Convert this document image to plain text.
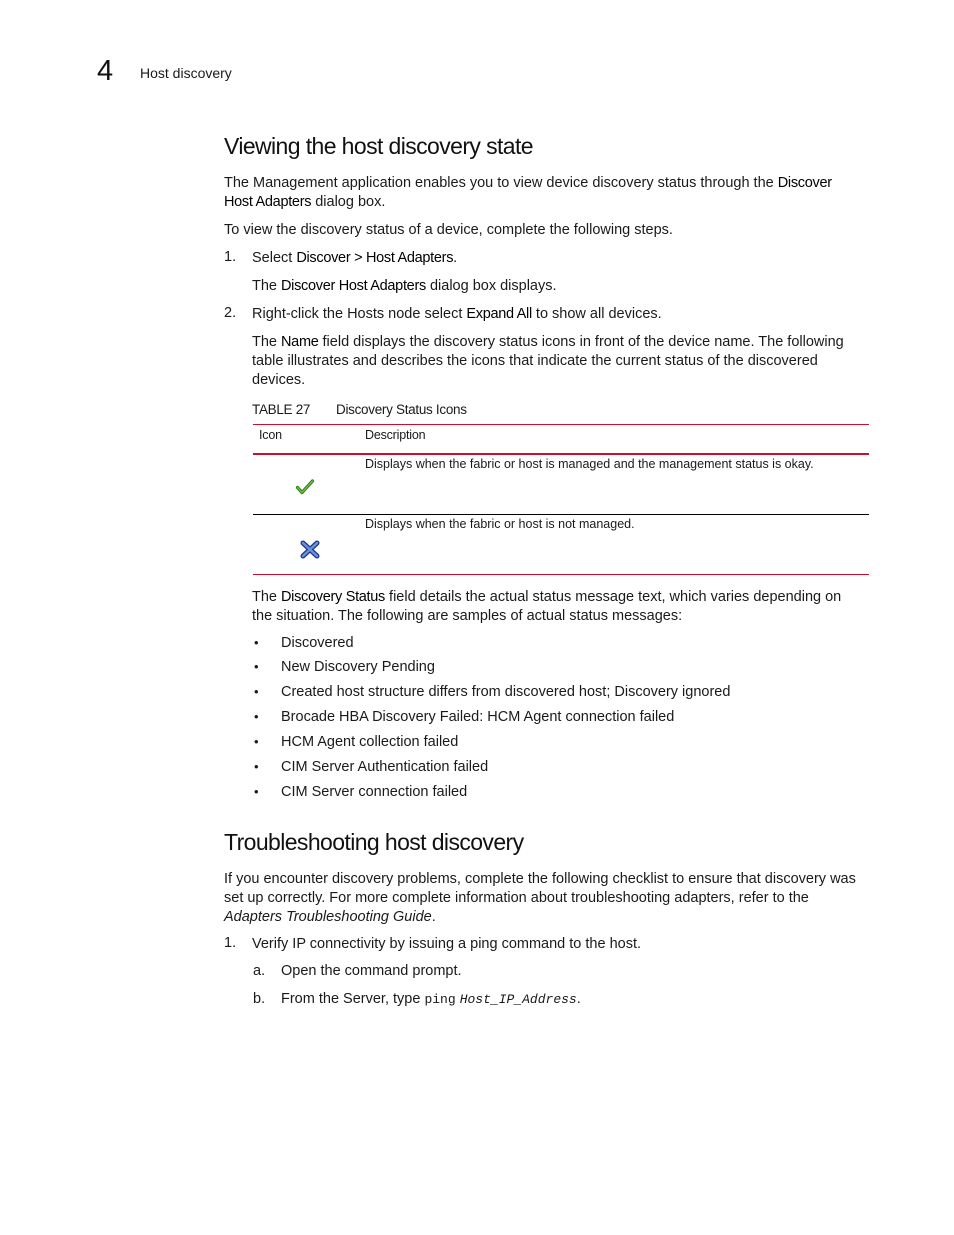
4 Host discovery
Viewing the host discovery state
The Management application enables you to view device discovery status through the Discover
Host Adapters dialog box.
To view the discovery status of a device, complete the following steps.
1. Select Discover > Host Adapters.
The Discover Host Adapters dialog box displays.
2. Right-click the Hosts node select Expand All to show all devices.
The Name field displays the discovery status icons in front of the device name. The following
table illustrates and describes the icons that indicate the current status of the discovered
devices.
TABLE 27 Discovery Status Icons
Icon	Description
Displays when the fabric or host is managed and the management status is okay.
Displays when the fabric or host is not managed.
The Discovery Status field details the actual status message text, which varies depending on
the situation. The following are samples of actual status messages:
• Discovered
• New Discovery Pending
• Created host structure differs from discovered host; Discovery ignored
• Brocade HBA Discovery Failed: HCM Agent connection failed
• HCM Agent collection failed
• CIM Server Authentication failed
• CIM Server connection failed
Troubleshooting host discovery
If you encounter discovery problems, complete the following checklist to ensure that discovery was
set up correctly. For more complete information about troubleshooting adapters, refer to the
Adapters Troubleshooting Guide.
1. Verify IP connectivity by issuing a ping command to the host.
a. Open the command prompt.
b. From the Server, type ping Host_IP_Address.
